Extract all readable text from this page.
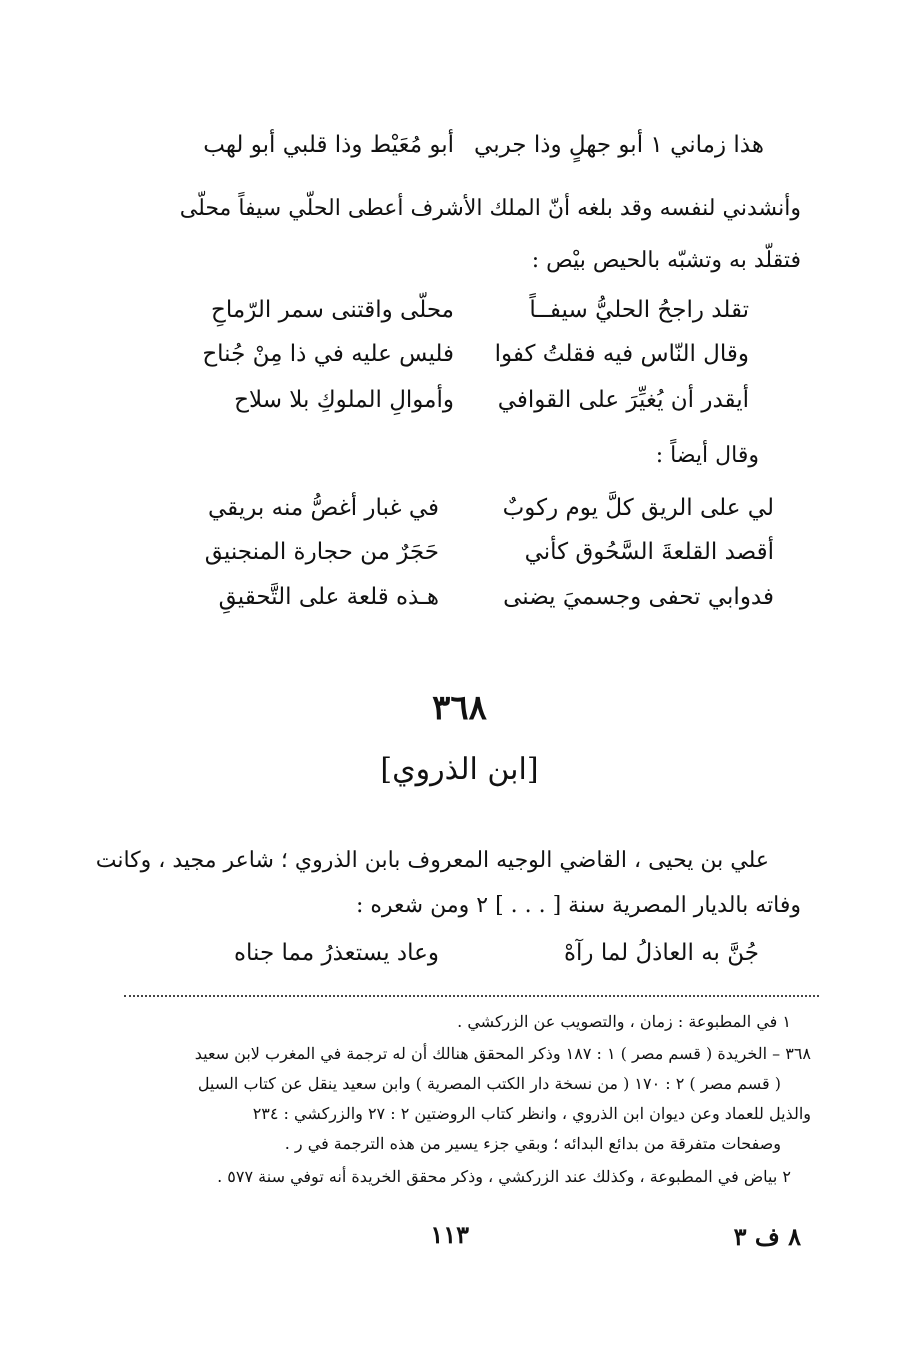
هذا زماني ١ أبو جهلٍ وذا جربي
أبو مُعَيْط وذا قلبي أبو لهب
وأنشدني لنفسه وقد بلغه أنّ الملك الأشرف أعطى الحلّي سيفاً محلّى
فتقلّد به وتشبّه بالحيص بيْص :
تقلد راجحُ الحليُّ سيفــاً
محلّى واقتنى سمر الرّماحِ
وقال النّاس فيه فقلتُ كفوا
فليس عليه في ذا مِنْ جُناح
أيقدر أن يُغيِّرَ على القوافي
وأموالِ الملوكِ بلا سلاح
وقال أيضاً :
لي على الريق كلَّ يوم ركوبٌ
في غبار أغصُّ منه بريقي
أقصد القلعةَ السَّحُوق كأني
حَجَرٌ من حجارة المنجنيق
فدوابي تحفى وجسميَ يضنى
هـذه قلعة على التَّحقيقِ
٣٦٨
[ابن الذروي]
علي بن يحيى ، القاضي الوجيه المعروف بابن الذروي ؛ شاعر مجيد ، وكانت
وفاته بالديار المصرية سنة [ . . . ] ٢ ومن شعره :
جُنَّ به العاذلُ لما رآهْ
وعاد يستعذرُ مما جناه
١ في المطبوعة : زمان ، والتصويب عن الزركشي .
٣٦٨ – الخريدة ( قسم مصر ) ١ : ١٨٧ وذكر المحقق هنالك أن له ترجمة في المغرب لابن سعيد
( قسم مصر ) ٢ : ١٧٠ ( من نسخة دار الكتب المصرية ) وابن سعيد ينقل عن كتاب السيل
والذيل للعماد وعن ديوان ابن الذروي ، وانظر كتاب الروضتين ٢ : ٢٧ والزركشي : ٢٣٤
وصفحات متفرقة من بدائع البدائه ؛ وبقي جزء يسير من هذه الترجمة في ر .
٢ بياض في المطبوعة ، وكذلك عند الزركشي ، وذكر محقق الخريدة أنه توفي سنة ٥٧٧ .
١١٣	٨ ف ٣
